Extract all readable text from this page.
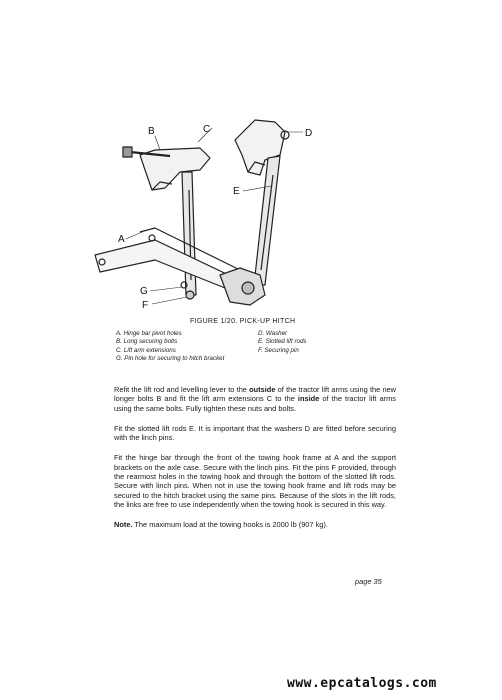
B	C	D
E
A
G
F
FIGURE 1/20. PICK-UP HITCH
A. Hinge bar pivot holes	D. Washer
B. Long securing bolts	E. Slotted lift rods
C. Lift arm extensions	F. Securing pin
G. Pin hole for securing to hitch bracket

Refit the lift rod and levelling lever to the outside of the tractor lift arms using the new longer bolts B and fit the lift arm extensions C to the inside of the tractor lift arms using the same bolts. Fully tighten these nuts and bolts.

Fit the slotted lift rods E. It is important that the washers D are fitted before securing with the linch pins.

Fit the hinge bar through the front of the towing hook frame at A and the support brackets on the axle case. Secure with the linch pins. Fit the pins F provided, through the rearmost holes in the towing hook and through the bottom of the slotted lift rods. Secure with linch pins. When not in use the towing hook frame and lift rods may be secured to the hitch bracket using the same pins. Because of the slots in the lift rods, the links are free to use independently when the towing hook is secured in this way.

Note. The maximum load at the towing hooks is 2000 lb (907 kg).

page 35
www.epcatalogs.com
